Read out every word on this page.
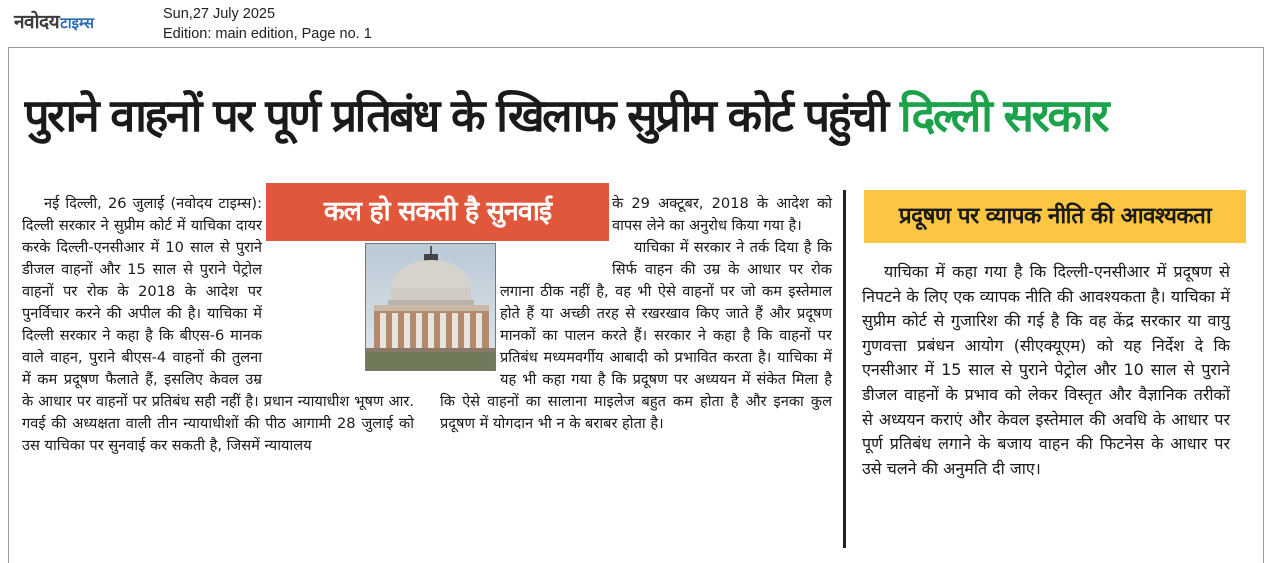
नवोदय टाइम्स	Sun,27 July 2025
Edition: main edition, Page no. 1
पुराने वाहनों पर पूर्ण प्रतिबंध के खिलाफ सुप्रीम कोर्ट पहुंची दिल्ली सरकार
कल हो सकती है सुनवाई
नई दिल्ली, 26 जुलाई (नवोदय टाइम्स): दिल्ली सरकार ने सुप्रीम कोर्ट में याचिका दायर करके दिल्ली-एनसीआर में 10 साल से पुराने डीजल वाहनों और 15 साल से पुराने पेट्रोल वाहनों पर रोक के 2018 के आदेश पर पुनर्विचार करने की अपील की है। याचिका में दिल्ली सरकार ने कहा है कि बीएस-6 मानक वाले वाहन, पुराने बीएस-4 वाहनों की तुलना में कम प्रदूषण फैलाते हैं, इसलिए केवल उम्र के आधार पर वाहनों पर प्रतिबंध सही नहीं है। प्रधान न्यायाधीश भूषण आर. गवई की अध्यक्षता वाली तीन न्यायाधीशों की पीठ आगामी 28 जुलाई को उस याचिका पर सुनवाई कर सकती है, जिसमें न्यायालय
के 29 अक्टूबर, 2018 के आदेश को वापस लेने का अनुरोध किया गया है।
याचिका में सरकार ने तर्क दिया है कि सिर्फ वाहन की उम्र के आधार पर रोक लगाना ठीक नहीं है, वह भी ऐसे वाहनों पर जो कम इस्तेमाल होते हैं या अच्छी तरह से रखरखाव किए जाते हैं और प्रदूषण मानकों का पालन करते हैं। सरकार ने कहा है कि वाहनों पर प्रतिबंध मध्यमवर्गीय आबादी को प्रभावित करता है। याचिका में यह भी कहा गया है कि प्रदूषण पर अध्ययन में संकेत मिला है कि ऐसे वाहनों का सालाना माइलेज बहुत कम होता है और इनका कुल प्रदूषण में योगदान भी न के बराबर होता है।
प्रदूषण पर व्यापक नीति की आवश्यकता
याचिका में कहा गया है कि दिल्ली-एनसीआर में प्रदूषण से निपटने के लिए एक व्यापक नीति की आवश्यकता है। याचिका में सुप्रीम कोर्ट से गुजारिश की गई है कि वह केंद्र सरकार या वायु गुणवत्ता प्रबंधन आयोग (सीएक्यूएम) को यह निर्देश दे कि एनसीआर में 15 साल से पुराने पेट्रोल और 10 साल से पुराने डीजल वाहनों के प्रभाव को लेकर विस्तृत और वैज्ञानिक तरीकों से अध्ययन कराएं और केवल इस्तेमाल की अवधि के आधार पर पूर्ण प्रतिबंध लगाने के बजाय वाहन की फिटनेस के आधार पर उसे चलने की अनुमति दी जाए।
